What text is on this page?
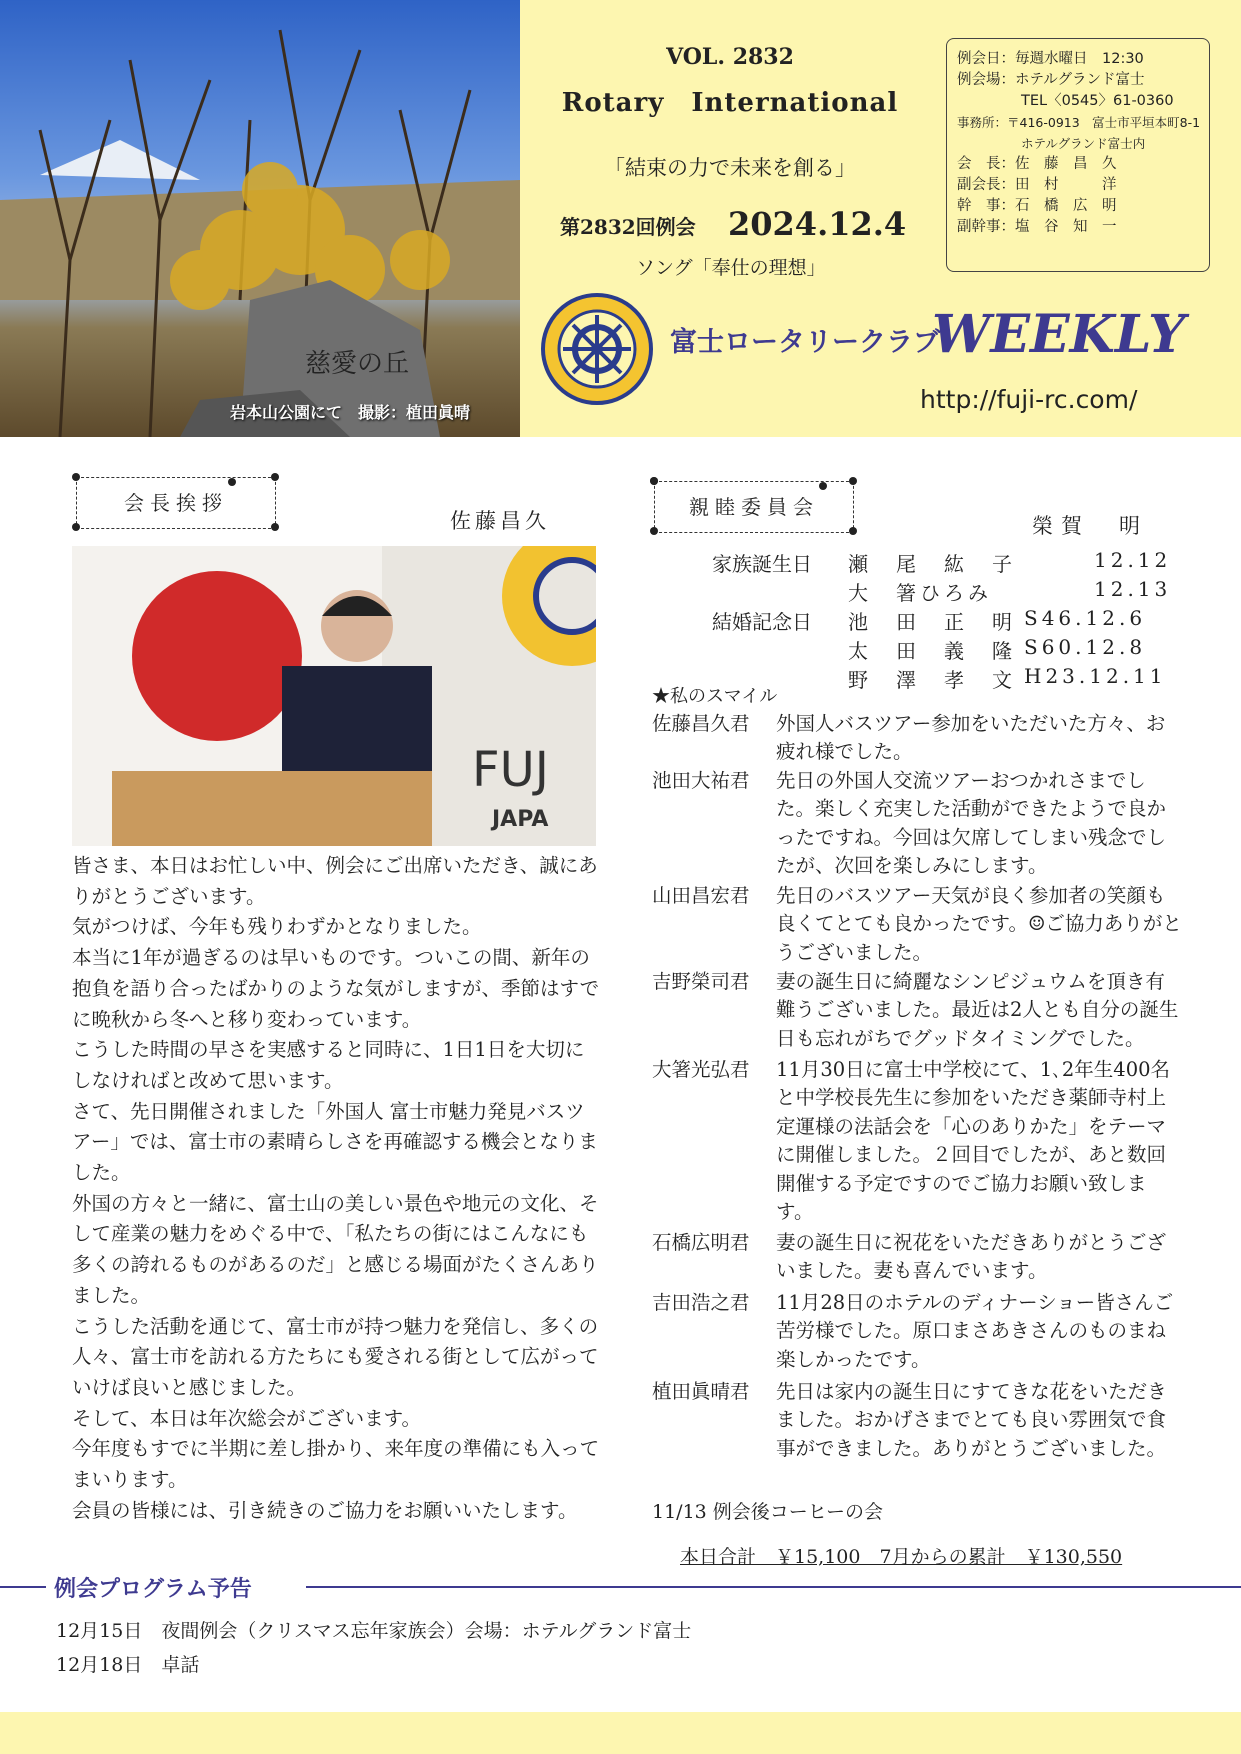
慈愛の丘
岩本山公園にて　撮影：植田眞晴
VOL. 2832
Rotary　International
「結束の力で未来を創る」
第2832回例会 2024.12.4
ソング「奉仕の理想」
例会日：毎週水曜日　12:30
例会場：ホテルグランド富士
TEL〈0545〉61-0360
事務所：〒416-0913　富士市平垣本町8-1
ホテルグランド富士内
会　長：佐　藤　昌　久
副会長：田　村　　　洋
幹　事：石　橋　広　明
副幹事：塩　谷　知　一
富士ロータリークラブ
WEEKLY
http://fuji-rc.com/
会長挨拶
佐藤昌久
FUJ
JAPA

皆さま、本日はお忙しい中、例会にご出席いただき、誠にありがとうございます。

気がつけば、今年も残りわずかとなりました。

本当に1年が過ぎるのは早いものです。ついこの間、新年の抱負を語り合ったばかりのような気がしますが、季節はすでに晩秋から冬へと移り変わっています。

こうした時間の早さを実感すると同時に、1日1日を大切にしなければと改めて思います。

さて、先日開催されました「外国人 富士市魅力発見バスツアー」では、富士市の素晴らしさを再確認する機会となりました。

外国の方々と一緒に、富士山の美しい景色や地元の文化、そして産業の魅力をめぐる中で、「私たちの街にはこんなにも多くの誇れるものがあるのだ」と感じる場面がたくさんありました。

こうした活動を通じて、富士市が持つ魅力を発信し、多くの人々、富士市を訪れる方たちにも愛される街として広がっていけば良いと感じました。

そして、本日は年次総会がございます。

今年度もすでに半期に差し掛かり、来年度の準備にも入ってまいります。

会員の皆様には、引き続きのご協力をお願いいたします。

親睦委員会
榮賀　明
家族誕生日 瀬　尾　紘　子	12.12
大　箸ひろみ	12.13
結婚記念日 池　田　正　明 S46.12.6
太　田　義　隆 S60.12.8
野　澤　孝　文 H23.12.11
★私のスマイル
佐藤昌久君	外国人バスツアー参加をいただいた方々、お疲れ様でした。
池田大祐君	先日の外国人交流ツアーおつかれさまでした。楽しく充実した活動ができたようで良かったですね。今回は欠席してしまい残念でしたが、次回を楽しみにします。
山田昌宏君	先日のバスツアー天気が良く参加者の笑顔も良くてとても良かったです。☺ご協力ありがとうございました。
吉野榮司君	妻の誕生日に綺麗なシンピジュウムを頂き有難うございました。最近は2人とも自分の誕生日も忘れがちでグッドタイミングでした。
大箸光弘君	11月30日に富士中学校にて、1､2年生400名と中学校長先生に参加をいただき薬師寺村上定運様の法話会を「心のありかた」をテーマに開催しました。２回目でしたが、あと数回開催する予定ですのでご協力お願い致します。
石橋広明君	妻の誕生日に祝花をいただきありがとうございました。妻も喜んでいます。
吉田浩之君	11月28日のホテルのディナーショー皆さんご苦労様でした。原口まさあきさんのものまね楽しかったです。
植田眞晴君	先日は家内の誕生日にすてきな花をいただきました。おかげさまでとても良い雰囲気で食事ができました。ありがとうございました。
11/13 例会後コーヒーの会
本日合計　￥15,100　7月からの累計　￥130,550
例会プログラム予告
12月15日　夜間例会（クリスマス忘年家族会）会場：ホテルグランド富士
12月18日　卓話
